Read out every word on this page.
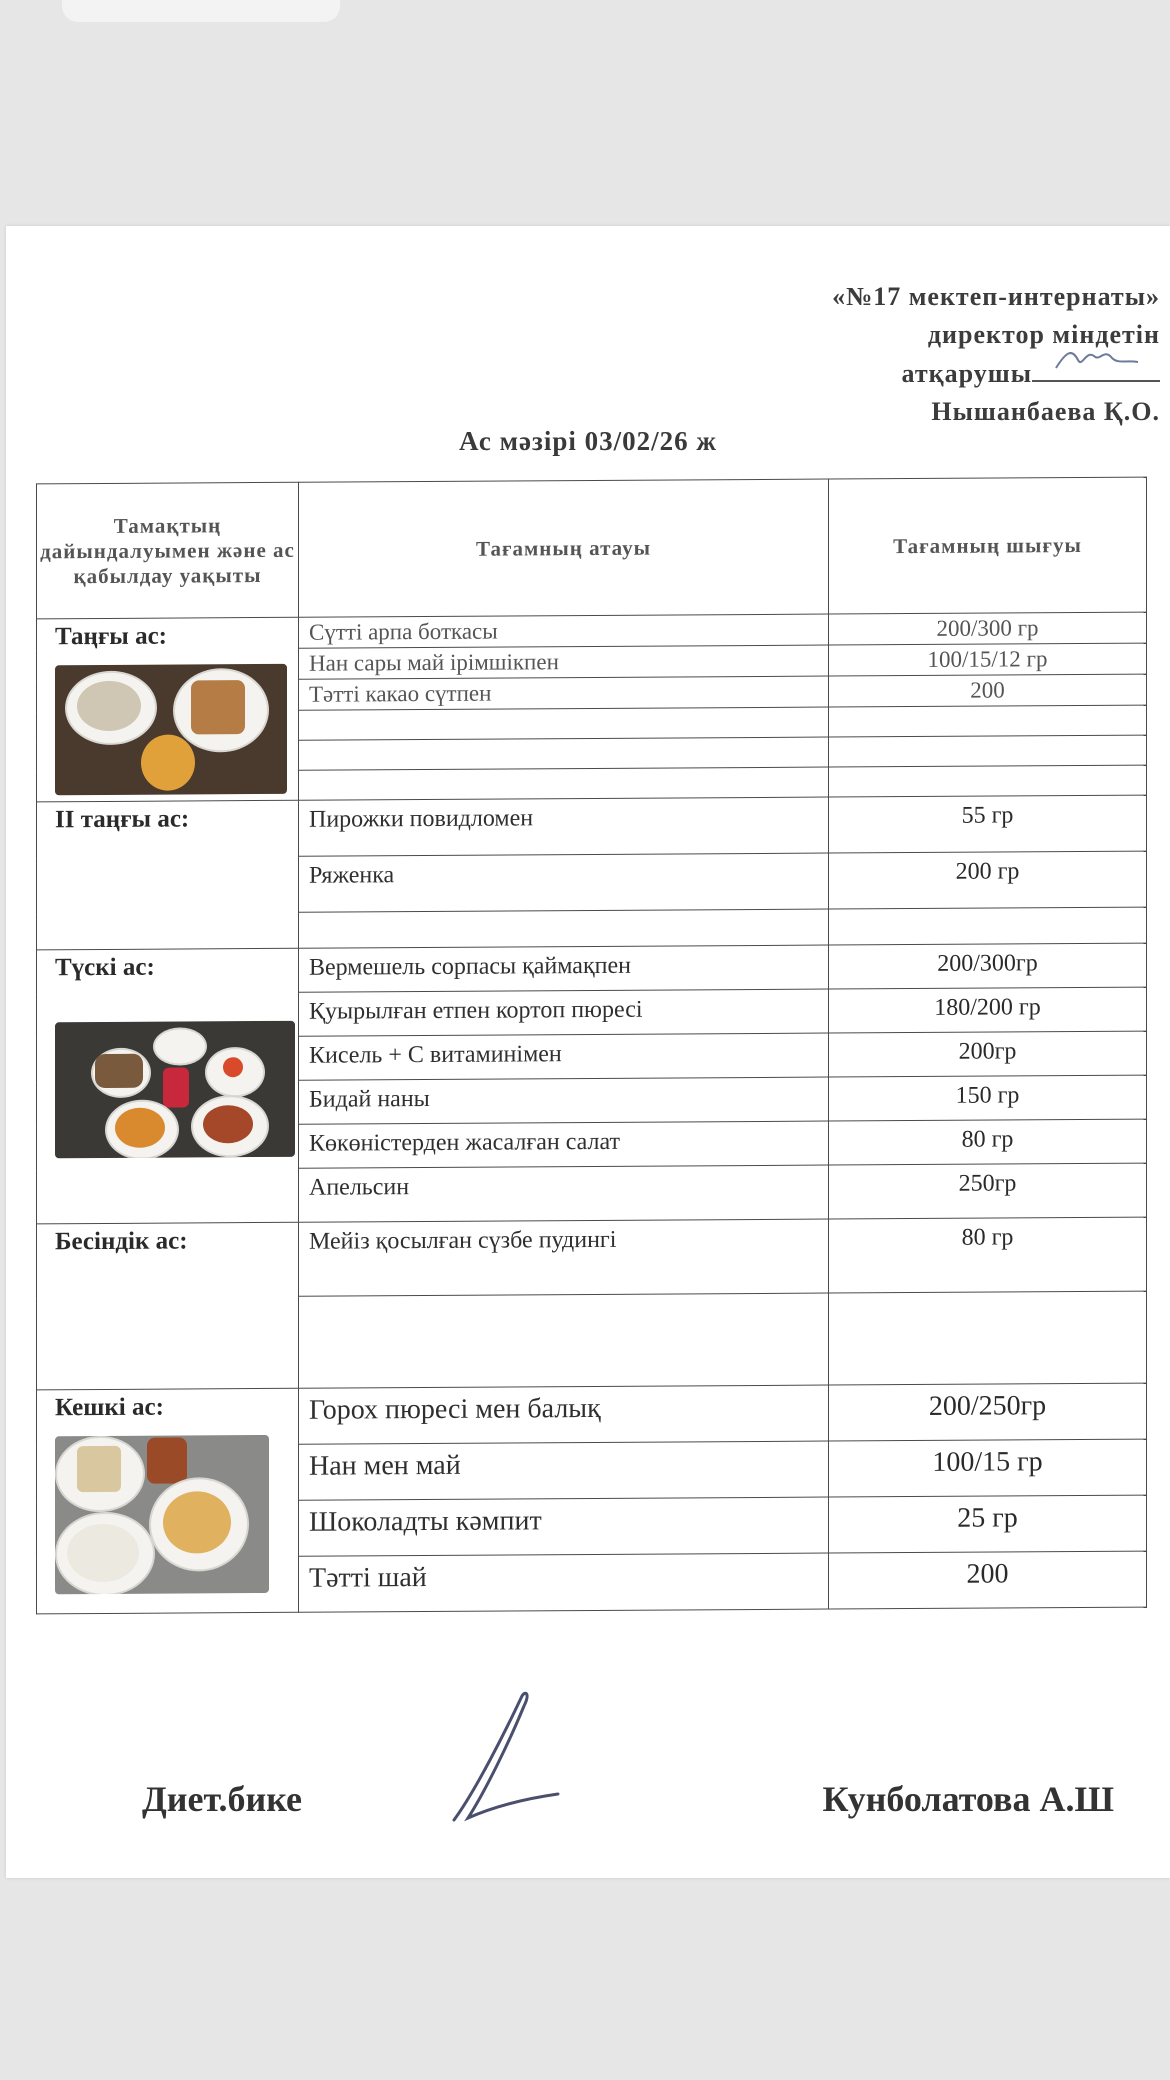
«№17 мектеп-интернаты»
директор міндетін
атқарушы
Нышанбаева Қ.О.
Ас мәзірі 03/02/26 ж
Тамақтың дайындалуымен және ас қабылдау уақыты	Тағамның атауы	Тағамның шығуы

Таңғы ас:	Сүтті арпа боткасы	200/300 гр
	Нан сары май ірімшікпен	100/15/12 гр
	Тәтті какао сүтпен	200

ІІ таңғы ас:	Пирожки повидломен	55 гр
	Ряженка	200 гр

Түскі ас:	Вермешель сорпасы қаймақпен	200/300гр
	Қуырылған етпен кортоп пюресі	180/200 гр
	Кисель + С витаминімен	200гр
	Бидай наны	150 гр
	Көкөністерден жасалған салат	80 гр
	Апельсин	250гр

Бесіндік ас:	Мейіз қосылған сүзбе пудингі	80 гр

Кешкі ас:	Горох пюресі мен балық	200/250гр
	Нан мен май	100/15 гр
	Шоколадты кәмпит	25 гр
	Тәтті шай	200
Диет.бике	Кунболатова А.Ш
